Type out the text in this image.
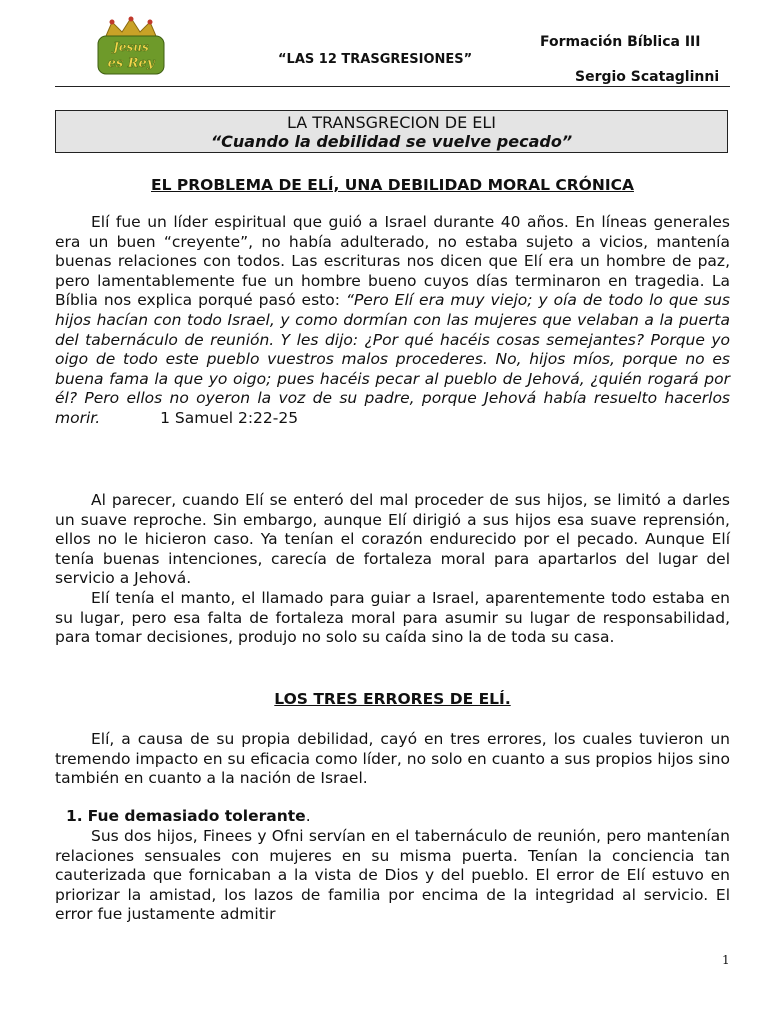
Jesus
es Rey
Formación Bíblica III
“LAS 12 TRASGRESIONES”
Sergio Scataglinni
LA TRANSGRECION DE ELI
“Cuando la debilidad se vuelve pecado”
EL PROBLEMA DE ELÍ, UNA DEBILIDAD MORAL CRÓNICA

Elí fue un líder espiritual que guió a Israel durante 40 años. En líneas generales era un buen “creyente”, no había adulterado, no estaba sujeto a vicios, mantenía buenas relaciones con todos. Las escrituras nos dicen que Elí era un hombre de paz, pero lamentablemente fue un hombre bueno cuyos días terminaron en tragedia. La Bíblia nos explica porqué pasó esto: “Pero Elí era muy viejo; y oía de todo lo que sus hijos hacían con todo Israel, y como dormían con las mujeres que velaban a la puerta del tabernáculo de reunión. Y les dijo: ¿Por qué hacéis cosas semejantes? Porque yo oigo de todo este pueblo vuestros malos procederes. No, hijos míos, porque no es buena fama la que yo oigo; pues hacéis pecar al pueblo de Jehová, ¿quién rogará por él? Pero ellos no oyeron la voz de su padre, porque Jehová había resuelto hacerlos morir.	1 Samuel 2:22-25

Al parecer, cuando Elí se enteró del mal proceder de sus hijos, se limitó a darles un suave reproche. Sin embargo, aunque Elí dirigió a sus hijos esa suave reprensión, ellos no le hicieron caso. Ya tenían el corazón endurecido por el pecado. Aunque Elí tenía buenas intenciones, carecía de fortaleza moral para apartarlos del lugar del servicio a Jehová.

Elí tenía el manto, el llamado para guiar a Israel, aparentemente todo estaba en su lugar, pero esa falta de fortaleza moral para asumir su lugar de responsabilidad, para tomar decisiones, produjo no solo su caída sino la de toda su casa.

LOS TRES ERRORES DE ELÍ.

Elí, a causa de su propia debilidad, cayó en tres errores, los cuales tuvieron un tremendo impacto en su eficacia como líder, no solo en cuanto a sus propios hijos sino también en cuanto a la nación de Israel.

1. Fue demasiado tolerante.

Sus dos hijos, Finees y Ofni servían en el tabernáculo de reunión, pero mantenían relaciones sensuales con mujeres en su misma puerta. Tenían la conciencia tan cauterizada que fornicaban a la vista de Dios y del pueblo. El error de Elí estuvo en priorizar la amistad, los lazos de familia por encima de la integridad al servicio. El error fue justamente admitir

1
